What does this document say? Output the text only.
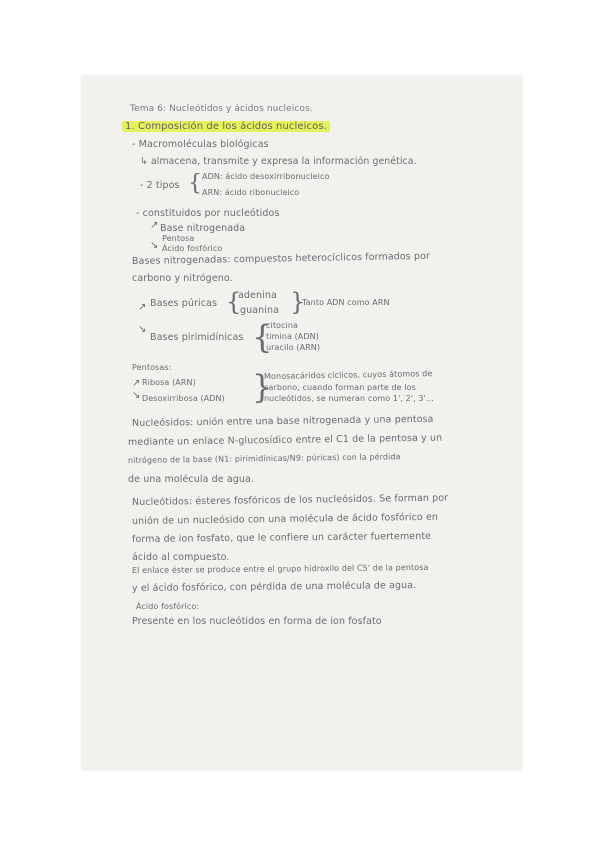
Tema 6: Nucleótidos y ácidos nucleicos.
1. Composición de los ácidos nucleicos.
- Macromoléculas biológicas
↳ almacena, transmite y expresa la información genética.
- 2 tipos { ADN: ácido desoxirribonucleico
ARN: ácido ribonucleico
- constituidos por nucleótidos
↗ Base nitrogenada
Pentosa
↘ Ácido fosfórico
Bases nitrogenadas: compuestos heterocíclicos formados por
carbono y nitrógeno.
↗ Bases púricas {
adenina
guanina }
Tanto ADN como ARN
↘
Bases pirimidínicas {
citocina
timina (ADN)
uracilo (ARN)
Pentosas:
↗ Ribosa (ARN)
↘ Desoxirribosa (ADN) }
Monosacáridos cíclicos, cuyos átomos de
carbono, cuando forman parte de los
nucleótidos, se numeran como 1', 2', 3'...
Nucleósidos: unión entre una base nitrogenada y una pentosa
mediante un enlace N-glucosídico entre el C1 de la pentosa y un
nitrógeno de la base (N1: pirimidínicas/N9: púricas) con la pérdida
de una molécula de agua.
Nucleótidos: ésteres fosfóricos de los nucleósidos. Se forman por
unión de un nucleósido con una molécula de ácido fosfórico en
forma de ion fosfato, que le confiere un carácter fuertemente
ácido al compuesto.
El enlace éster se produce entre el grupo hidroxilo del C5' de la pentosa
y el ácido fosfórico, con pérdida de una molécula de agua.
Ácido fosfórico:
Presente en los nucleótidos en forma de ion fosfato
